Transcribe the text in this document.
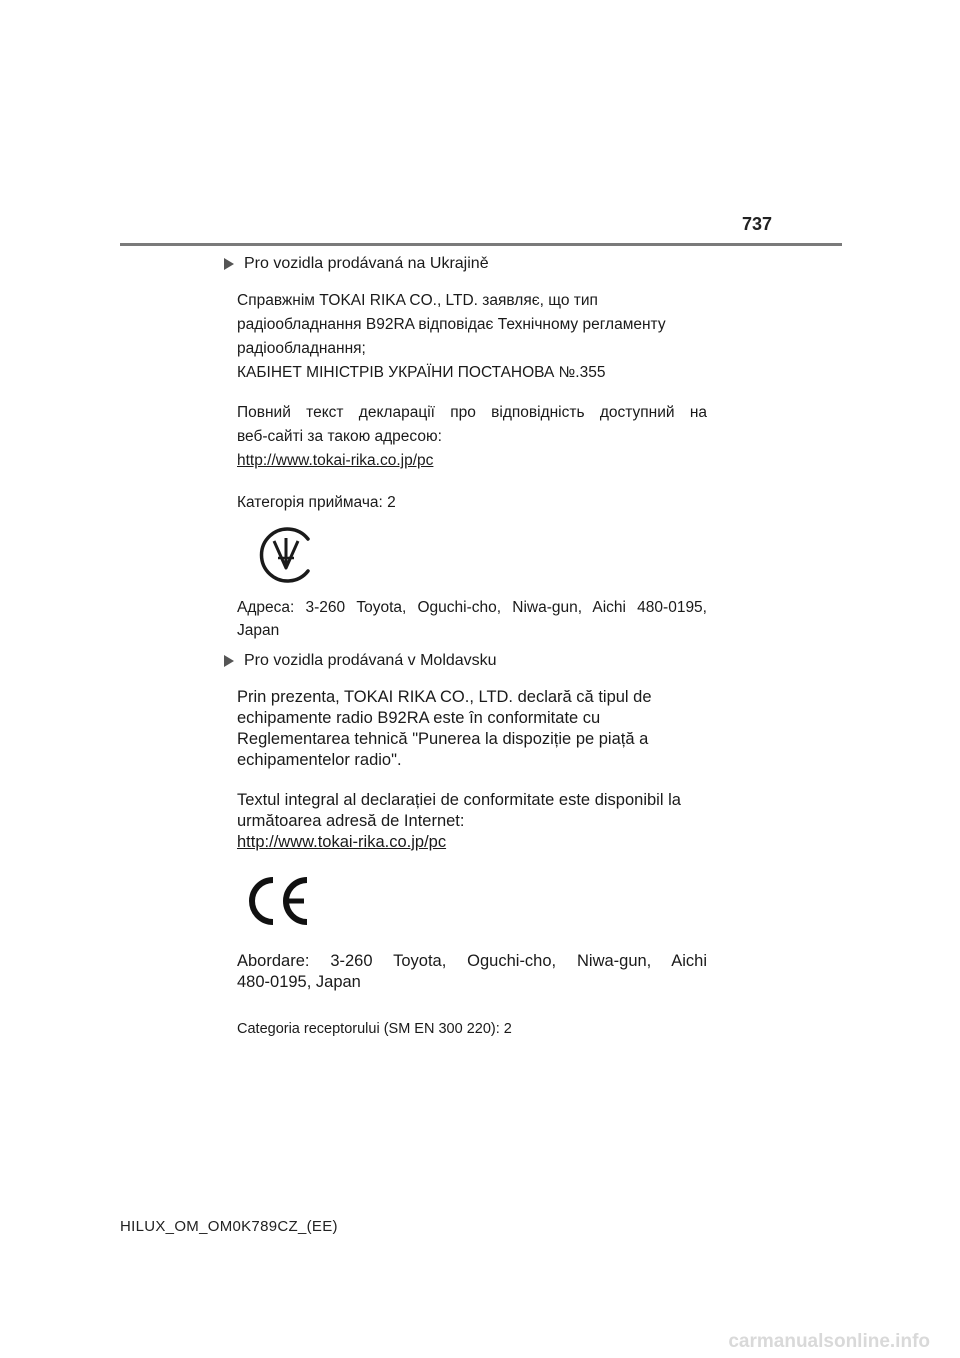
737
Pro vozidla prodávaná na Ukrajině

Справжнім TOKAI RIKA CO., LTD. заявляє, що тип

радіообладнання B92RA відповідає Технічному регламенту

радіообладнання;

КАБІНЕТ МІНІСТРІВ УКРАЇНИ ПОСТАНОВА №.355

Повний текст декларації про відповідність доступний на

веб-сайті за такою адресою:

http://www.tokai-rika.co.jp/pc

Категорія приймача: 2

Адреса: 3-260 Toyota, Oguchi-cho, Niwa-gun, Aichi 480-0195,

Japan

Pro vozidla prodávaná v Moldavsku

Prin prezenta, TOKAI RIKA CO., LTD. declară că tipul de

echipamente radio B92RA este în conformitate cu

Reglementarea tehnică "Punerea la dispoziție pe piață a

echipamentelor radio".

Textul integral al declarației de conformitate este disponibil la

următoarea adresă de Internet:

http://www.tokai-rika.co.jp/pc

Abordare: 3-260 Toyota, Oguchi-cho, Niwa-gun, Aichi

480-0195, Japan

Categoria receptorului (SM EN 300 220): 2
HILUX_OM_OM0K789CZ_(EE)
carmanualsonline.info
